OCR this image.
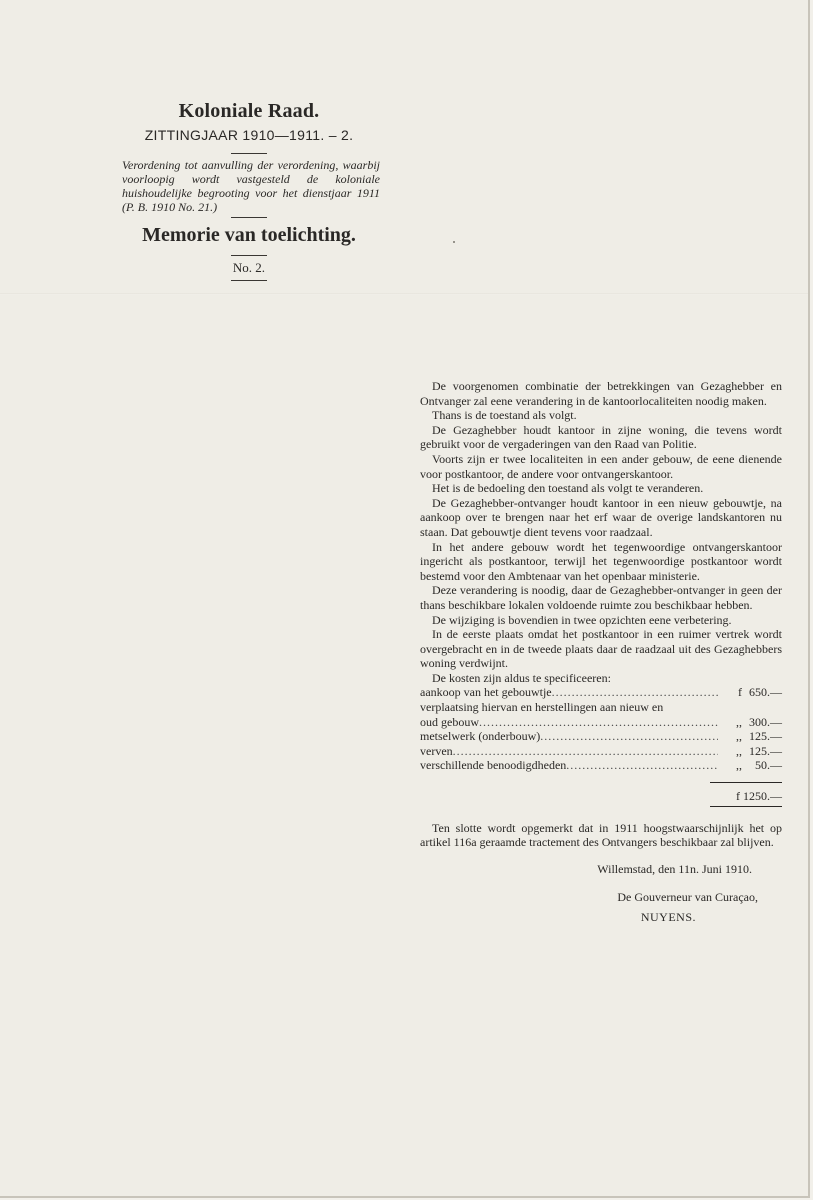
Koloniale Raad.
ZITTINGJAAR 1910—1911. – 2.
Verordening tot aanvulling der verordening, waarbij voorloopig wordt vastgesteld de koloniale huishoudelijke begrooting voor het dienstjaar 1911 (P. B. 1910 No. 21.)
Memorie van toelichting.
No. 2.

De voorgenomen combinatie der betrekkingen van Gezaghebber en Ontvanger zal eene verandering in de kantoorlocaliteiten noodig maken.

Thans is de toestand als volgt.

De Gezaghebber houdt kantoor in zijne woning, die tevens wordt gebruikt voor de vergaderingen van den Raad van Politie.

Voorts zijn er twee localiteiten in een ander gebouw, de eene dienende voor postkantoor, de andere voor ontvangerskantoor.

Het is de bedoeling den toestand als volgt te veranderen.

De Gezaghebber-ontvanger houdt kantoor in een nieuw gebouwtje, na aankoop over te brengen naar het erf waar de overige landskantoren nu staan. Dat gebouwtje dient tevens voor raadzaal.

In het andere gebouw wordt het tegenwoordige ontvangerskantoor ingericht als postkantoor, terwijl het tegenwoordige postkantoor wordt bestemd voor den Ambtenaar van het openbaar ministerie.

Deze verandering is noodig, daar de Gezaghebber-ontvanger in geen der thans beschikbare lokalen voldoende ruimte zou beschikbaar hebben.

De wijziging is bovendien in twee opzichten eene verbetering.

In de eerste plaats omdat het postkantoor in een ruimer vertrek wordt overgebracht en in de tweede plaats daar de raadzaal uit des Gezaghebbers woning verdwijnt.

De kosten zijn aldus te specificeeren:

aankoop van het gebouwtje .....	f 650.—
verplaatsing hiervan en herstellingen aan nieuw en
oud gebouw .....	,, 300.—
metselwerk (onderbouw) .....	,, 125.—
verven .....	,, 125.—
verschillende benoodigdheden .....	,,	50.—
f 1250.—

Ten slotte wordt opgemerkt dat in 1911 hoogstwaarschijnlijk het op artikel 116a geraamde tractement des Ontvangers beschikbaar zal blijven.

Willemstad, den 11n. Juni 1910.
De Gouverneur van Curaçao,
NUYENS.
